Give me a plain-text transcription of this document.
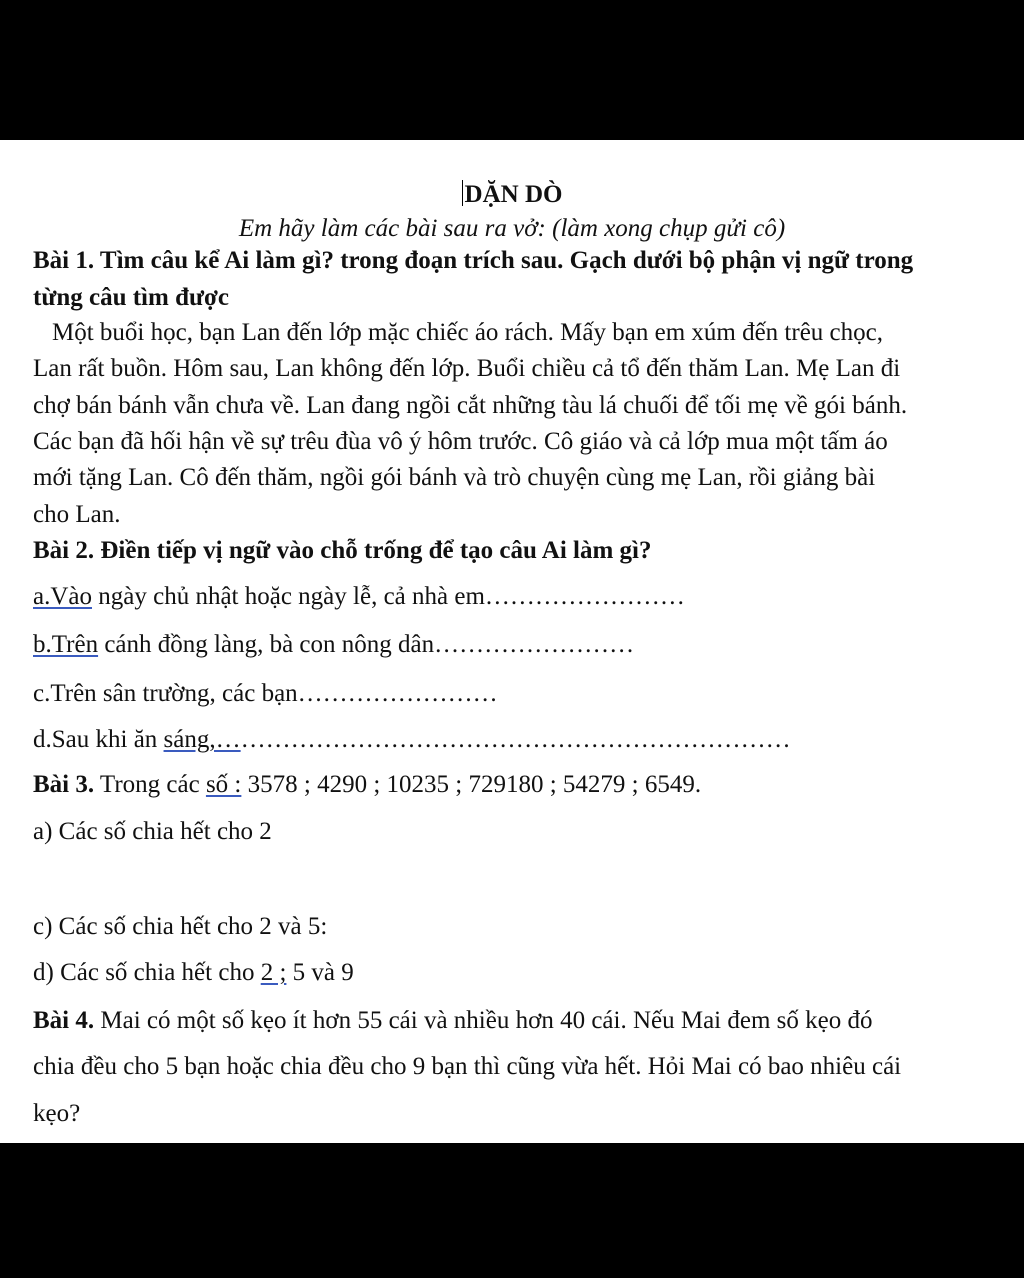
DẶN DÒ
Em hãy làm các bài sau ra vở: (làm xong chụp gửi cô)
Bài 1. Tìm câu kể Ai làm gì? trong đoạn trích sau. Gạch dưới bộ phận vị ngữ trong
từng câu tìm được
Một buổi học, bạn Lan đến lớp mặc chiếc áo rách. Mấy bạn em xúm đến trêu chọc,
Lan rất buồn. Hôm sau, Lan không đến lớp. Buổi chiều cả tổ đến thăm Lan. Mẹ Lan đi
chợ bán bánh vẫn chưa về. Lan đang ngồi cắt những tàu lá chuối để tối mẹ về gói bánh.
Các bạn đã hối hận về sự trêu đùa vô ý hôm trước. Cô giáo và cả lớp mua một tấm áo
mới tặng Lan. Cô đến thăm, ngồi gói bánh và trò chuyện cùng mẹ Lan, rồi giảng bài
cho Lan.
Bài 2. Điền tiếp vị ngữ vào chỗ trống để tạo câu Ai làm gì?
a.Vào ngày chủ nhật hoặc ngày lễ, cả nhà em……………………
b.Trên cánh đồng làng, bà con nông dân……………………
c.Trên sân trường, các bạn……………………
d.Sau khi ăn sáng,……………………………………………………………
Bài 3. Trong các số : 3578 ; 4290 ; 10235 ; 729180 ; 54279 ; 6549.
a) Các số chia hết cho 2
c) Các số chia hết cho 2 và 5:
d) Các số chia hết cho 2 ; 5 và 9
Bài 4. Mai có một số kẹo ít hơn 55 cái và nhiều hơn 40 cái. Nếu Mai đem số kẹo đó
chia đều cho 5 bạn hoặc chia đều cho 9 bạn thì cũng vừa hết. Hỏi Mai có bao nhiêu cái
kẹo?
